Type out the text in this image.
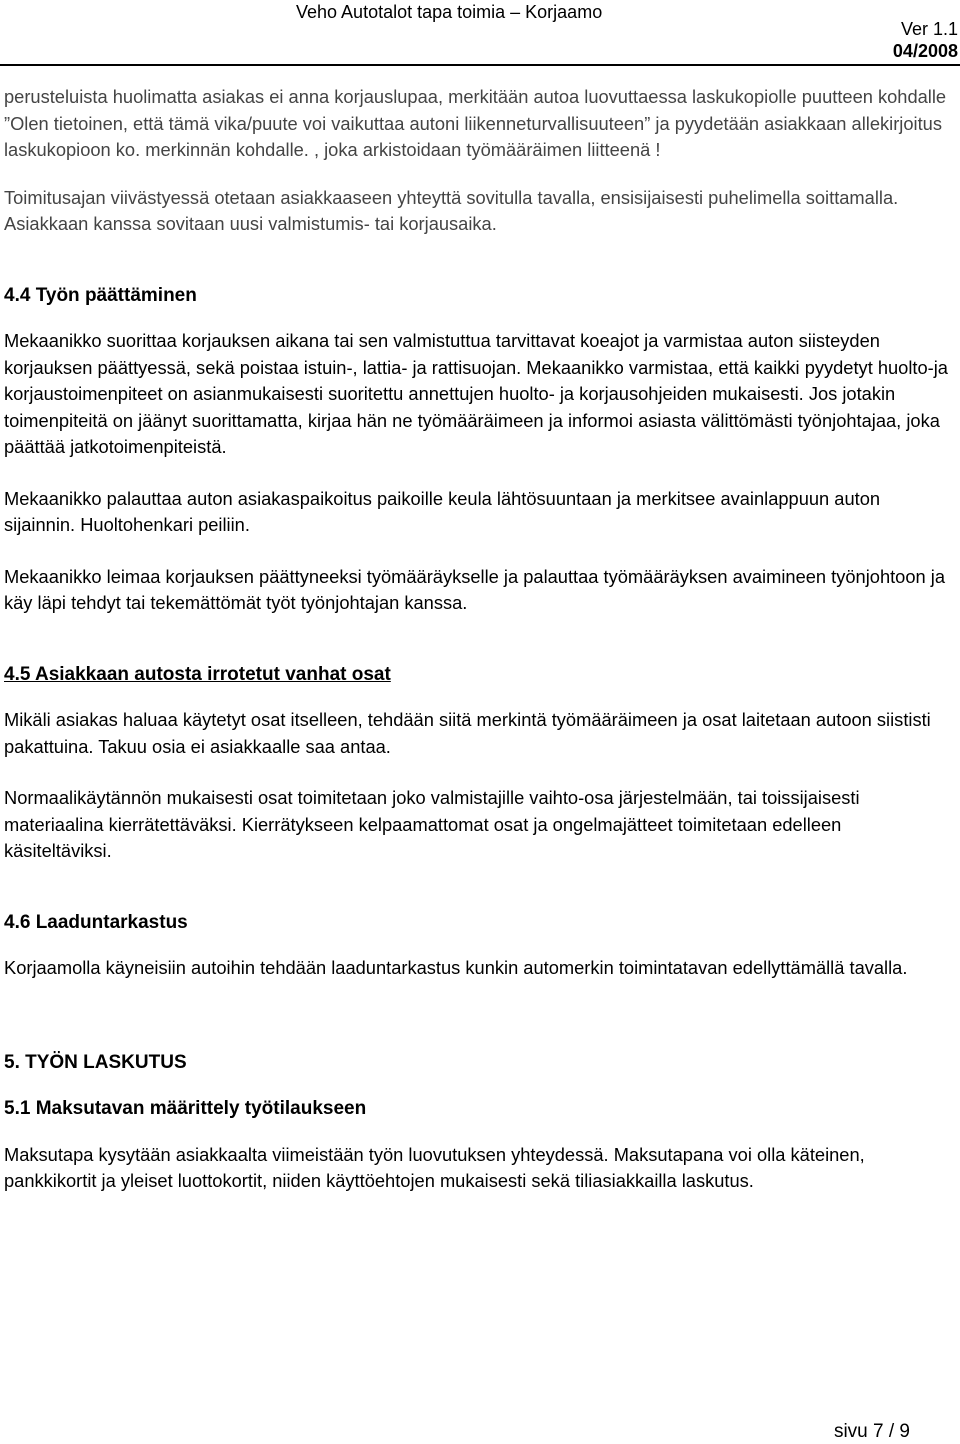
Veho Autotalot tapa toimia – Korjaamo
Ver 1.1
04/2008

perusteluista huolimatta asiakas ei anna korjauslupaa, merkitään autoa luovuttaessa laskukopiolle puutteen kohdalle ”Olen tietoinen, että tämä vika/puute voi vaikuttaa autoni liikenneturvallisuuteen” ja pyydetään asiakkaan allekirjoitus laskukopioon ko. merkinnän kohdalle. , joka arkistoidaan työmääräimen liitteenä !

Toimitusajan viivästyessä otetaan asiakkaaseen yhteyttä sovitulla tavalla, ensisijaisesti puhelimella soittamalla. Asiakkaan kanssa sovitaan uusi valmistumis- tai korjausaika.

4.4 Työn päättäminen

Mekaanikko suorittaa korjauksen aikana tai sen valmistuttua tarvittavat koeajot ja varmistaa auton siisteyden korjauksen päättyessä, sekä poistaa istuin-, lattia- ja rattisuojan. Mekaanikko varmistaa, että kaikki pyydetyt huolto-ja korjaustoimenpiteet on asianmukaisesti suoritettu annettujen huolto- ja korjausohjeiden mukaisesti. Jos jotakin toimenpiteitä on jäänyt suorittamatta, kirjaa hän ne työmääräimeen ja informoi asiasta välittömästi työnjohtajaa, joka päättää jatkotoimenpiteistä.

Mekaanikko palauttaa auton asiakaspaikoitus paikoille keula lähtösuuntaan ja merkitsee avainlappuun auton sijainnin. Huoltohenkari peiliin.

Mekaanikko leimaa korjauksen päättyneeksi työmääräykselle ja palauttaa työmääräyksen avaimineen työnjohtoon ja käy läpi tehdyt tai tekemättömät työt työnjohtajan kanssa.

4.5 Asiakkaan autosta irrotetut vanhat osat

Mikäli asiakas haluaa käytetyt osat itselleen, tehdään siitä merkintä työmääräimeen ja osat laitetaan autoon siististi pakattuina. Takuu osia ei asiakkaalle saa antaa.

Normaalikäytännön mukaisesti osat toimitetaan joko valmistajille vaihto-osa järjestelmään, tai toissijaisesti materiaalina kierrätettäväksi. Kierrätykseen kelpaamattomat osat ja ongelmajätteet toimitetaan edelleen käsiteltäviksi.

4.6 Laaduntarkastus

Korjaamolla käyneisiin autoihin tehdään laaduntarkastus kunkin automerkin toimintatavan edellyttämällä tavalla.

5. TYÖN LASKUTUS
5.1 Maksutavan määrittely työtilaukseen

Maksutapa kysytään asiakkaalta viimeistään työn luovutuksen yhteydessä. Maksutapana voi olla käteinen, pankkikortit ja yleiset luottokortit, niiden käyttöehtojen mukaisesti sekä tiliasiakkailla laskutus.

sivu 7 / 9
